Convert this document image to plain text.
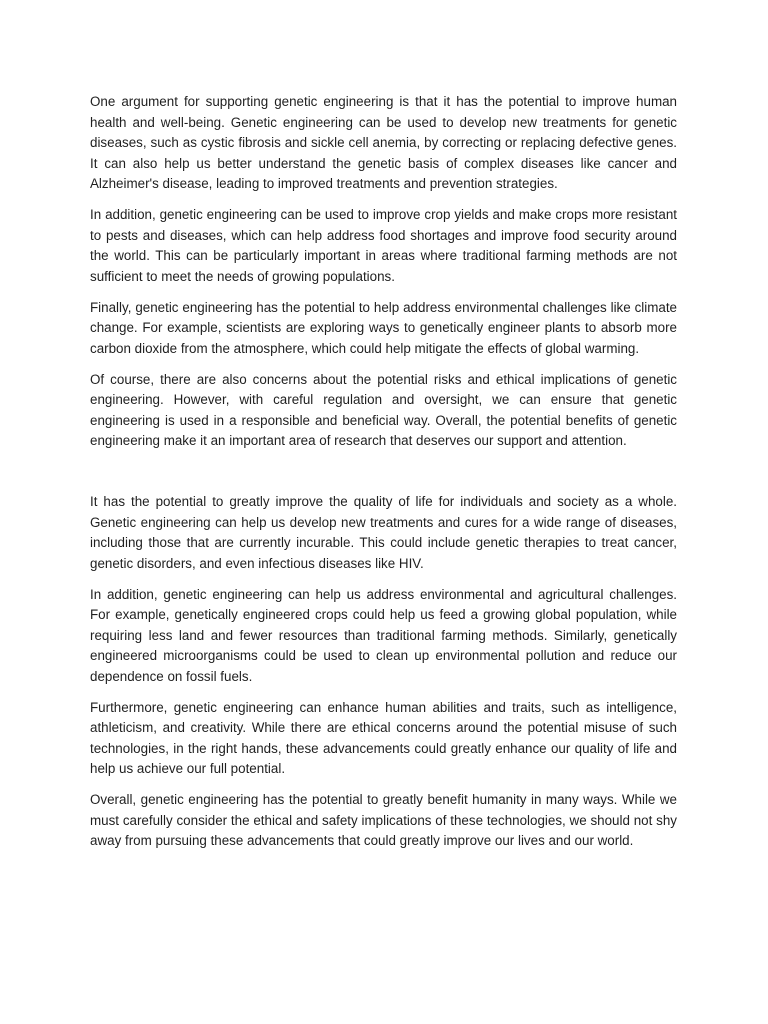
One argument for supporting genetic engineering is that it has the potential to improve human health and well-being. Genetic engineering can be used to develop new treatments for genetic diseases, such as cystic fibrosis and sickle cell anemia, by correcting or replacing defective genes. It can also help us better understand the genetic basis of complex diseases like cancer and Alzheimer's disease, leading to improved treatments and prevention strategies.

In addition, genetic engineering can be used to improve crop yields and make crops more resistant to pests and diseases, which can help address food shortages and improve food security around the world. This can be particularly important in areas where traditional farming methods are not sufficient to meet the needs of growing populations.

Finally, genetic engineering has the potential to help address environmental challenges like climate change. For example, scientists are exploring ways to genetically engineer plants to absorb more carbon dioxide from the atmosphere, which could help mitigate the effects of global warming.

Of course, there are also concerns about the potential risks and ethical implications of genetic engineering. However, with careful regulation and oversight, we can ensure that genetic engineering is used in a responsible and beneficial way. Overall, the potential benefits of genetic engineering make it an important area of research that deserves our support and attention.

It has the potential to greatly improve the quality of life for individuals and society as a whole. Genetic engineering can help us develop new treatments and cures for a wide range of diseases, including those that are currently incurable. This could include genetic therapies to treat cancer, genetic disorders, and even infectious diseases like HIV.

In addition, genetic engineering can help us address environmental and agricultural challenges. For example, genetically engineered crops could help us feed a growing global population, while requiring less land and fewer resources than traditional farming methods. Similarly, genetically engineered microorganisms could be used to clean up environmental pollution and reduce our dependence on fossil fuels.

Furthermore, genetic engineering can enhance human abilities and traits, such as intelligence, athleticism, and creativity. While there are ethical concerns around the potential misuse of such technologies, in the right hands, these advancements could greatly enhance our quality of life and help us achieve our full potential.

Overall, genetic engineering has the potential to greatly benefit humanity in many ways. While we must carefully consider the ethical and safety implications of these technologies, we should not shy away from pursuing these advancements that could greatly improve our lives and our world.
